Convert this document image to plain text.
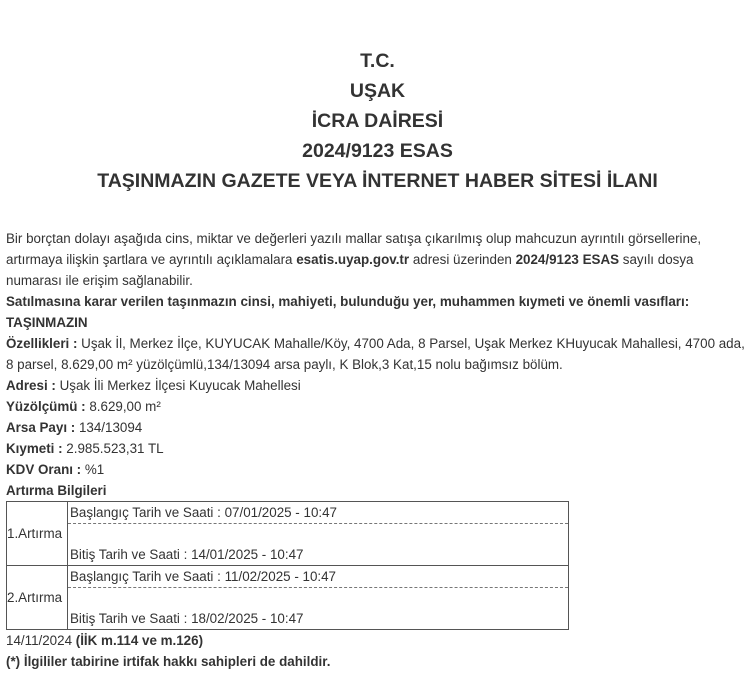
T.C.
UŞAK
İCRA DAİRESİ
2024/9123 ESAS
TAŞINMAZIN GAZETE VEYA İNTERNET HABER SİTESİ İLANI

Bir borçtan dolayı aşağıda cins, miktar ve değerleri yazılı mallar satışa çıkarılmış olup mahcuzun ayrıntılı görsellerine, artırmaya ilişkin şartlara ve ayrıntılı açıklamalara esatis.uyap.gov.tr adresi üzerinden 2024/9123 ESAS sayılı dosya numarası ile erişim sağlanabilir.

Satılmasına karar verilen taşınmazın cinsi, mahiyeti, bulunduğu yer, muhammen kıymeti ve önemli vasıfları:

TAŞINMAZIN

Özellikleri : Uşak İl, Merkez İlçe, KUYUCAK Mahalle/Köy, 4700 Ada, 8 Parsel, Uşak Merkez KHuyucak Mahallesi, 4700 ada, 8 parsel, 8.629,00 m² yüzölçümlü,134/13094 arsa paylı, K Blok,3 Kat,15 nolu bağımsız bölüm.

Adresi : Uşak İli Merkez İlçesi Kuyucak Mahellesi

Yüzölçümü : 8.629,00 m²

Arsa Payı : 134/13094

Kıymeti : 2.985.523,31 TL

KDV Oranı : %1

Artırma Bilgileri

1.Artırma	Başlangıç Tarih ve Saati : 07/01/2025 - 10:47
Bitiş Tarih ve Saati : 14/01/2025 - 10:47

2.Artırma	Başlangıç Tarih ve Saati : 11/02/2025 - 10:47
Bitiş Tarih ve Saati : 18/02/2025 - 10:47

14/11/2024 (İİK m.114 ve m.126)

(*) İlgililer tabirine irtifak hakkı sahipleri de dahildir.
